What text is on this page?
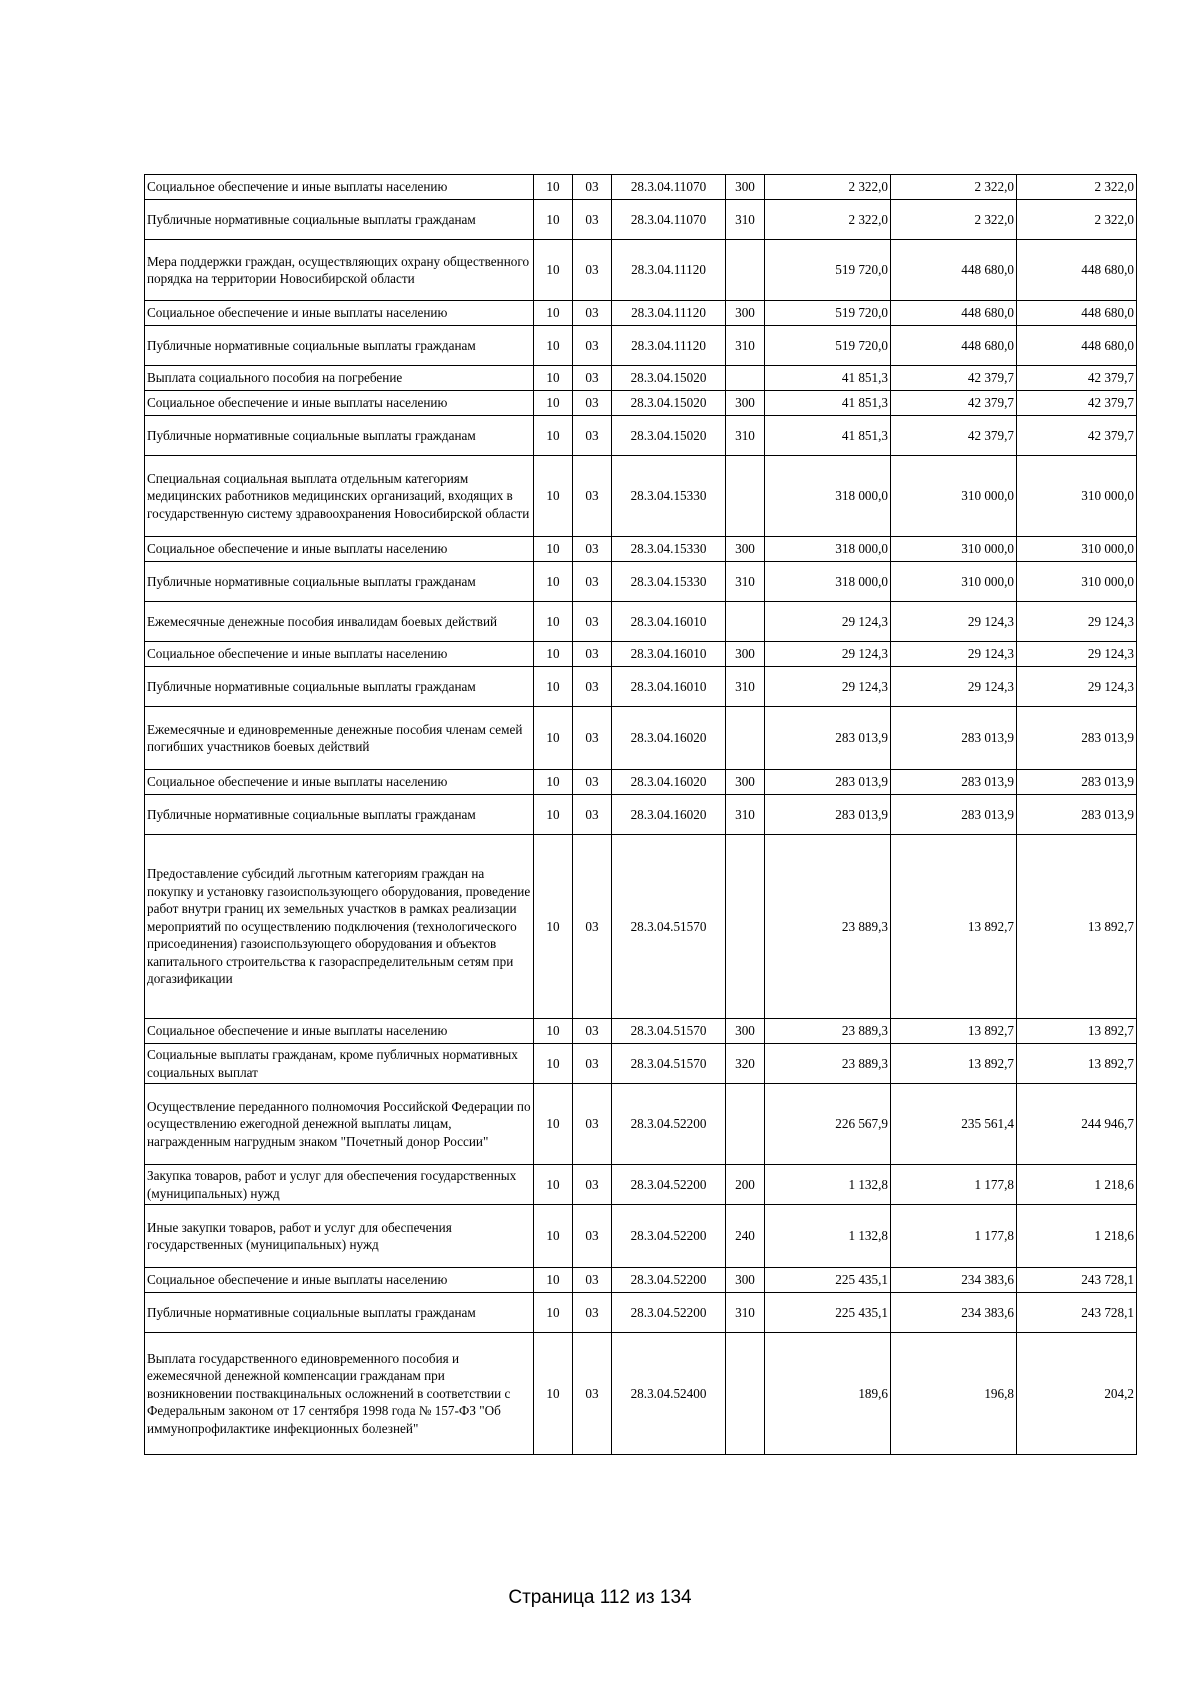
Социальное обеспечение и иные выплаты населению	10	03	28.3.04.11070	300	2 322,0	2 322,0	2 322,0
Публичные нормативные социальные выплаты гражданам	10	03	28.3.04.11070	310	2 322,0	2 322,0	2 322,0
Мера поддержки граждан, осуществляющих охрану общественного порядка на территории Новосибирской области	10	03	28.3.04.11120		519 720,0	448 680,0	448 680,0
Социальное обеспечение и иные выплаты населению	10	03	28.3.04.11120	300	519 720,0	448 680,0	448 680,0
Публичные нормативные социальные выплаты гражданам	10	03	28.3.04.11120	310	519 720,0	448 680,0	448 680,0
Выплата социального пособия на погребение	10	03	28.3.04.15020		41 851,3	42 379,7	42 379,7
Социальное обеспечение и иные выплаты населению	10	03	28.3.04.15020	300	41 851,3	42 379,7	42 379,7
Публичные нормативные социальные выплаты гражданам	10	03	28.3.04.15020	310	41 851,3	42 379,7	42 379,7
Специальная социальная выплата отдельным категориям медицинских работников медицинских организаций, входящих в государственную систему здравоохранения Новосибирской области	10	03	28.3.04.15330		318 000,0	310 000,0	310 000,0
Социальное обеспечение и иные выплаты населению	10	03	28.3.04.15330	300	318 000,0	310 000,0	310 000,0
Публичные нормативные социальные выплаты гражданам	10	03	28.3.04.15330	310	318 000,0	310 000,0	310 000,0
Ежемесячные денежные пособия инвалидам боевых действий	10	03	28.3.04.16010		29 124,3	29 124,3	29 124,3
Социальное обеспечение и иные выплаты населению	10	03	28.3.04.16010	300	29 124,3	29 124,3	29 124,3
Публичные нормативные социальные выплаты гражданам	10	03	28.3.04.16010	310	29 124,3	29 124,3	29 124,3
Ежемесячные и единовременные денежные пособия членам семей погибших участников боевых действий	10	03	28.3.04.16020		283 013,9	283 013,9	283 013,9
Социальное обеспечение и иные выплаты населению	10	03	28.3.04.16020	300	283 013,9	283 013,9	283 013,9
Публичные нормативные социальные выплаты гражданам	10	03	28.3.04.16020	310	283 013,9	283 013,9	283 013,9
Предоставление субсидий льготным категориям граждан на покупку и установку газоиспользующего оборудования, проведение работ внутри границ их земельных участков в рамках реализации мероприятий по осуществлению подключения (технологического присоединения) газоиспользующего оборудования и объектов капитального строительства к газораспределительным сетям при догазификации	10	03	28.3.04.51570		23 889,3	13 892,7	13 892,7
Социальное обеспечение и иные выплаты населению	10	03	28.3.04.51570	300	23 889,3	13 892,7	13 892,7
Социальные выплаты гражданам, кроме публичных нормативных социальных выплат	10	03	28.3.04.51570	320	23 889,3	13 892,7	13 892,7
Осуществление переданного полномочия Российской Федерации по осуществлению ежегодной денежной выплаты лицам, награжденным нагрудным знаком "Почетный донор России"	10	03	28.3.04.52200		226 567,9	235 561,4	244 946,7
Закупка товаров, работ и услуг для обеспечения государственных (муниципальных) нужд	10	03	28.3.04.52200	200	1 132,8	1 177,8	1 218,6
Иные закупки товаров, работ и услуг для обеспечения государственных (муниципальных) нужд	10	03	28.3.04.52200	240	1 132,8	1 177,8	1 218,6
Социальное обеспечение и иные выплаты населению	10	03	28.3.04.52200	300	225 435,1	234 383,6	243 728,1
Публичные нормативные социальные выплаты гражданам	10	03	28.3.04.52200	310	225 435,1	234 383,6	243 728,1
Выплата государственного единовременного пособия и ежемесячной денежной компенсации гражданам при возникновении поствакцинальных осложнений в соответствии с Федеральным законом от 17 сентября 1998 года № 157-ФЗ "Об иммунопрофилактике инфекционных болезней"	10	03	28.3.04.52400		189,6	196,8	204,2
Страница 112 из 134
